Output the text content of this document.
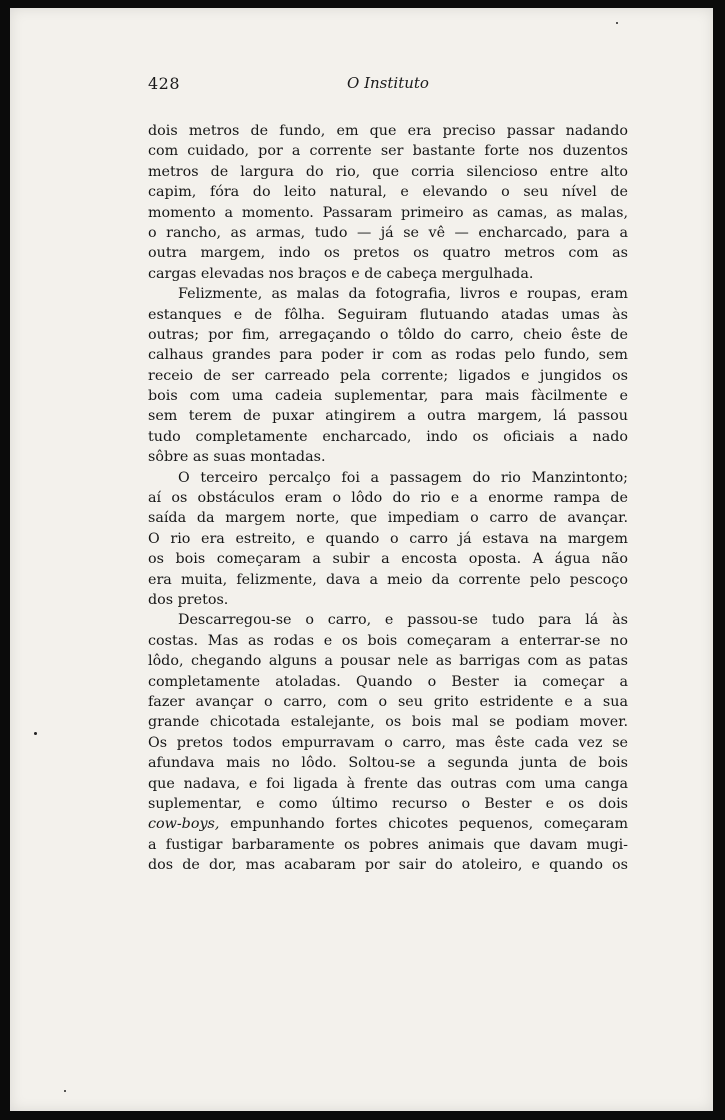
428	O Instituto
dois metros de fundo, em que era preciso passar nadando
com cuidado, por a corrente ser bastante forte nos duzentos
metros de largura do rio, que corria silencioso entre alto
capim, fóra do leito natural, e elevando o seu nível de
momento a momento. Passaram primeiro as camas, as malas,
o rancho, as armas, tudo — já se vê — encharcado, para a
outra margem, indo os pretos os quatro metros com as
cargas elevadas nos braços e de cabeça mergulhada.
Felizmente, as malas da fotografia, livros e roupas, eram
estanques e de fôlha. Seguiram flutuando atadas umas às
outras; por fim, arregaçando o tôldo do carro, cheio êste de
calhaus grandes para poder ir com as rodas pelo fundo, sem
receio de ser carreado pela corrente; ligados e jungidos os
bois com uma cadeia suplementar, para mais fàcilmente e
sem terem de puxar atingirem a outra margem, lá passou
tudo completamente encharcado, indo os oficiais a nado
sôbre as suas montadas.
O terceiro percalço foi a passagem do rio Manzintonto;
aí os obstáculos eram o lôdo do rio e a enorme rampa de
saída da margem norte, que impediam o carro de avançar.
O rio era estreito, e quando o carro já estava na margem
os bois começaram a subir a encosta oposta. A água não
era muita, felizmente, dava a meio da corrente pelo pescoço
dos pretos.
Descarregou-se o carro, e passou-se tudo para lá às
costas. Mas as rodas e os bois começaram a enterrar-se no
lôdo, chegando alguns a pousar nele as barrigas com as patas
completamente atoladas. Quando o Bester ia começar a
fazer avançar o carro, com o seu grito estridente e a sua
grande chicotada estalejante, os bois mal se podiam mover.
Os pretos todos empurravam o carro, mas êste cada vez se
afundava mais no lôdo. Soltou-se a segunda junta de bois
que nadava, e foi ligada à frente das outras com uma canga
suplementar, e como último recurso o Bester e os dois
cow-boys, empunhando fortes chicotes pequenos, começaram
a fustigar barbaramente os pobres animais que davam mugi-
dos de dor, mas acabaram por sair do atoleiro, e quando os
